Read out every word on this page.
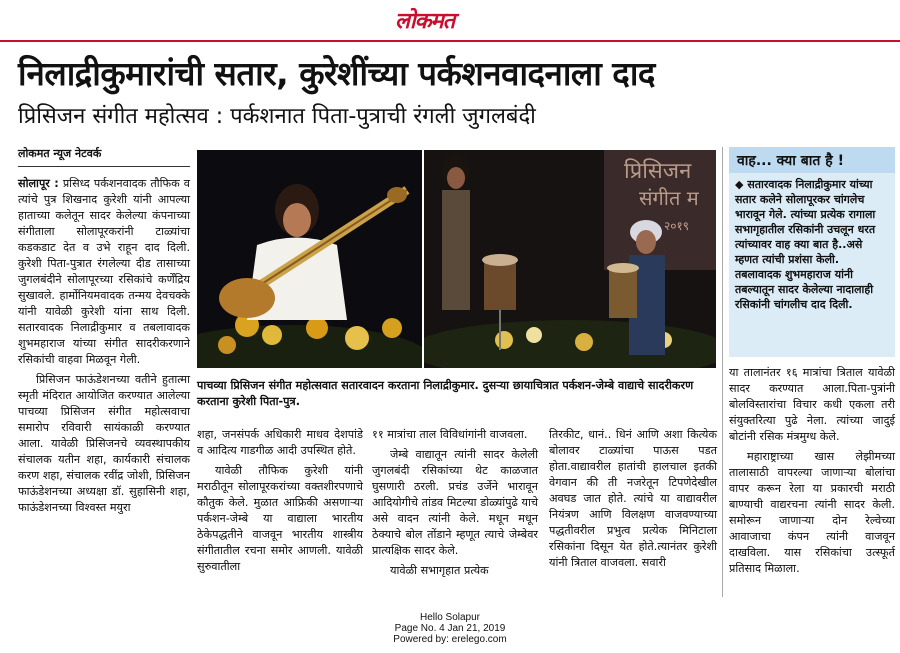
लोकमत
निलाद्रीकुमारांची सतार, कुरेशींच्या पर्कशनवादनाला दाद
प्रिसिजन संगीत महोत्सव : पर्कशनात पिता-पुत्राची रंगली जुगलबंदी
लोकमत न्यूज नेटवर्क

सोलापूर : प्रसिध्द पर्कशनवादक तौफिक व त्यांचे पुत्र शिखनाद कुरेशी यांनी आपल्या हाताच्या कलेतून सादर केलेल्या कंपनाच्या संगीताला सोलापूरकरांनी टाळ्यांचा कडकडाट देत व उभे राहून दाद दिली. कुरेशी पिता-पुत्रात रंगलेल्या दीड तासाच्या जुगलबंदीने सोलापूरच्या रसिकांचे कर्णेंद्रिय सुखावले. हार्मोनियमवादक तन्मय देवचक्के यांनी यावेळी कुरेशी यांना साथ दिली. सतारवादक निलाद्रीकुमार व तबलावादक शुभमहाराज यांच्या संगीत सादरीकरणाने रसिकांची वाहवा मिळवून गेली.

प्रिसिजन फाऊंडेशनच्या वतीने हुतात्मा स्मृती मंदिरात आयोजित करण्यात आलेल्या पाचव्या प्रिसिजन संगीत महोत्सवाचा समारोप रविवारी सायंकाळी करण्यात आला. यावेळी प्रिसिजनचे व्यवस्थापकीय संचालक यतीन शहा, कार्यकारी संचालक करण शहा, संचालक रवींद्र जोशी, प्रिसिजन फाऊंडेशनच्या अध्यक्षा डॉ. सुहासिनी शहा, फाऊंडेशनच्या विश्वस्त मयुरा

प्रिसिजन
संगीत म
२०१९
पाचव्या प्रिसिजन संगीत महोत्सवात सतारवादन करताना निलाद्रीकुमार. दुसऱ्या छायाचित्रात पर्कशन-जेम्बे वाद्याचे सादरीकरण करताना कुरेशी पिता-पुत्र.

शहा, जनसंपर्क अधिकारी माधव देशपांडे व आदित्य गाडगीळ आदी उपस्थित होते.

यावेळी तौफिक कुरेशी यांनी मराठीतून सोलापूरकरांच्या वक्तशीरपणाचे कौतुक केले. मुळात आफ्रिकी असणाऱ्या पर्कशन-जेम्बे या वाद्याला भारतीय ठेकेपद्धतीने वाजवून भारतीय शास्त्रीय संगीतातील रचना समोर आणली. यावेळी सुरुवातीला

११ मात्रांचा ताल विविधांगांनी वाजवला.

जेम्बे वाद्यातून त्यांनी सादर केलेली जुगलबंदी रसिकांच्या थेट काळजात घुसणारी ठरली. प्रचंड उर्जेने भारावून आदियोगीचे तांडव मिटल्या डोळ्यांपुढे याचे असे वादन त्यांनी केले. मधून मधून ठेक्याचे बोल तोंडाने म्हणूत त्याचे जेम्बेवर प्रात्यक्षिक सादर केले.

यावेळी सभागृहात प्रत्येक

तिरकीट, धानं.. धिनं आणि अशा कित्येक बोलावर टाळ्यांचा पाऊस पडत होता.वाद्यावरील हातांची हालचाल इतकी वेगवान की ती नजरेतून टिपणेदेखील अवघड जात होते. त्यांचे या वाद्यावरील नियंत्रण आणि विलक्षण वाजवण्याच्या पद्धतीवरील प्रभुत्व प्रत्येक मिनिटाला रसिकांना दिसून येत होते.त्यानंतर कुरेशी यांनी त्रिताल वाजवला. सवारी

वाह... क्या बात है !
◆ सतारवादक निलाद्रीकुमार यांच्या सतार कलेने सोलापूरकर चांगलेच भारावून गेले. त्यांच्या प्रत्येक रागाला सभागृहातील रसिकांनी उचलून धरत त्यांच्यावर वाह क्या बात है..असे म्हणत त्यांची प्रशंसा केली. तबलावादक शुभमहाराज यांनी तबल्यातून सादर केलेल्या नादालाही रसिकांनी चांगलीच दाद दिली.

या तालानंतर १६ मात्रांचा त्रिताल यावेळी सादर करण्यात आला.पिता-पुत्रांनी बोलविस्तारांचा विचार कधी एकला तरी संयुक्तरित्या पुढे नेला. त्यांच्या जादुई बोटांनी रसिक मंत्रमुग्ध केले.

महाराष्ट्राच्या खास लेझीमच्या तालासाठी वापरल्या जाणाऱ्या बोलांचा वापर करून रेला या प्रकारची मराठी बाण्याची वाद्यरचना त्यांनी सादर केली. समोरून जाणाऱ्या दोन रेल्वेच्या आवाजाचा कंपन त्यांनी वाजवून दाखविला. यास रसिकांचा उत्स्फूर्त प्रतिसाद मिळाला.

Hello Solapur
Page No. 4 Jan 21, 2019
Powered by: erelego.com
